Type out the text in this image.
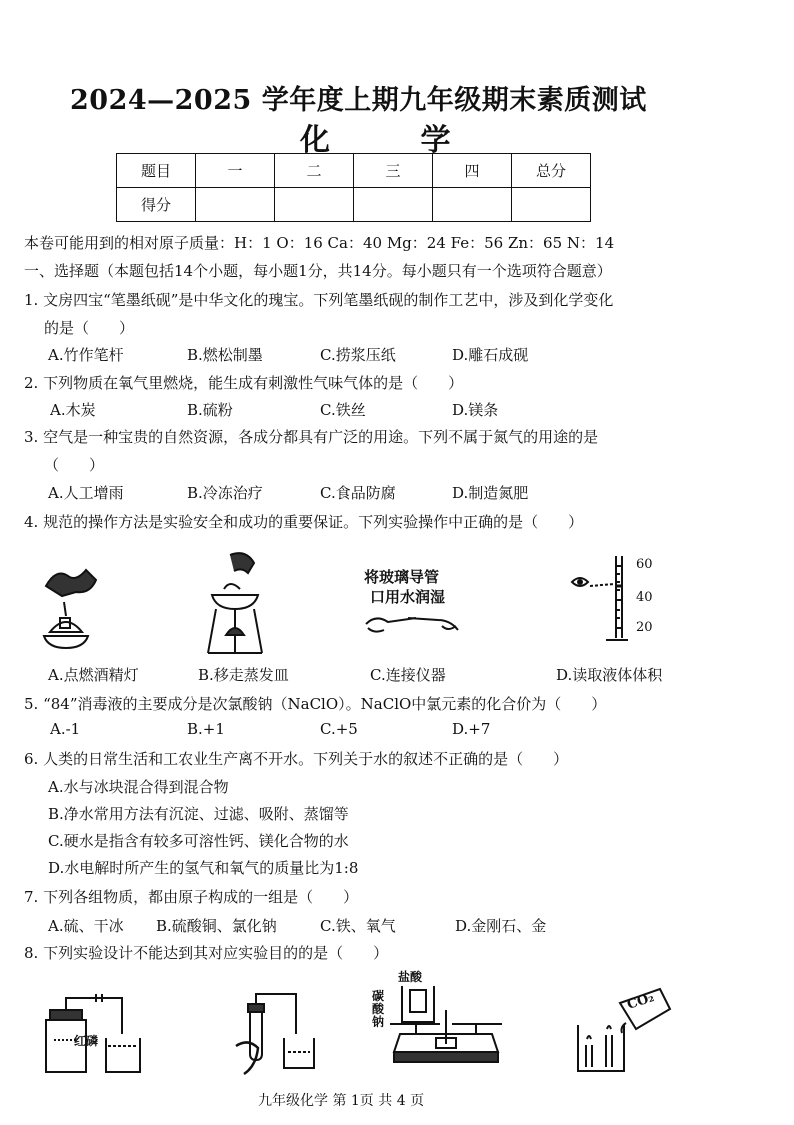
2024—2025 学年度上期九年级期末素质测试
化 学
题目	一	二	三	四	总分
得分					
本卷可能用到的相对原子质量：H：1 O：16 Ca：40 Mg：24 Fe：56 Zn：65 N：14
一、选择题（本题包括14个小题，每小题1分，共14分。每小题只有一个选项符合题意）
1. 文房四宝“笔墨纸砚”是中华文化的瑰宝。下列笔墨纸砚的制作工艺中，涉及到化学变化
的是（　　）
A.竹作笔杆	B.燃松制墨	C.捞浆压纸	D.雕石成砚
2. 下列物质在氧气里燃烧，能生成有刺激性气味气体的是（　　）
A.木炭	B.硫粉	C.铁丝	D.镁条
3. 空气是一种宝贵的自然资源，各成分都具有广泛的用途。下列不属于氮气的用途的是
（　　）
A.人工增雨	B.冷冻治疗	C.食品防腐	D.制造氮肥
4. 规范的操作方法是实验安全和成功的重要保证。下列实验操作中正确的是（　　）
将玻璃导管
口用水润湿
60
40
20
A.点燃酒精灯	B.移走蒸发皿	C.连接仪器	D.读取液体体积
5. “84”消毒液的主要成分是次氯酸钠（NaClO）。NaClO中氯元素的化合价为（　　）
A.-1	B.+1	C.+5	D.+7
6. 人类的日常生活和工农业生产离不开水。下列关于水的叙述不正确的是（　　）
A.水与冰块混合得到混合物
B.净水常用方法有沉淀、过滤、吸附、蒸馏等
C.硬水是指含有较多可溶性钙、镁化合物的水
D.水电解时所产生的氢气和氧气的质量比为1:8
7. 下列各组物质，都由原子构成的一组是（　　）
A.硫、干冰 B.硫酸铜、氯化钠	C.铁、氧气	D.金刚石、金
8. 下列实验设计不能达到其对应实验目的的是（　　）
红磷
盐酸
碳酸钠
CO₂
九年级化学 第 1页 共 4 页
